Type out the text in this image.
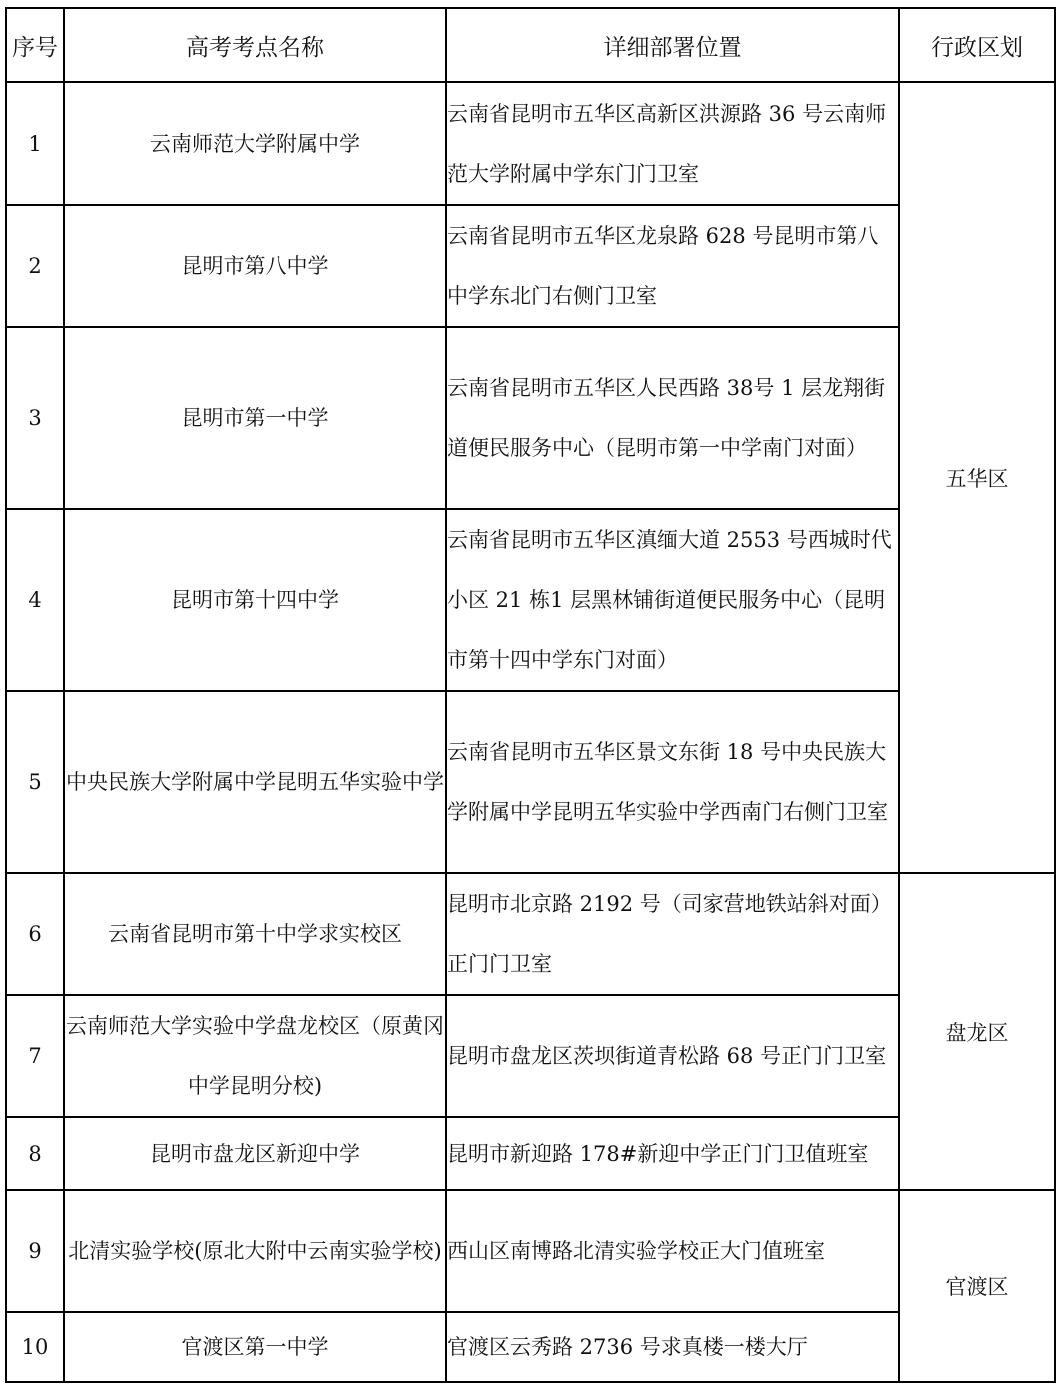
序号	高考考点名称	详细部署位置	行政区划
1	云南师范大学附属中学	云南省昆明市五华区高新区洪源路 36 号云南师范大学附属中学东门门卫室	五华区
2	昆明市第八中学	云南省昆明市五华区龙泉路 628 号昆明市第八中学东北门右侧门卫室	
3	昆明市第一中学	云南省昆明市五华区人民西路 38号 1 层龙翔街道便民服务中心（昆明市第一中学南门对面）	
4	昆明市第十四中学	云南省昆明市五华区滇缅大道 2553 号西城时代小区 21 栋1 层黑林铺街道便民服务中心（昆明市第十四中学东门对面）	
5	中央民族大学附属中学昆明五华实验中学	云南省昆明市五华区景文东街 18 号中央民族大学附属中学昆明五华实验中学西南门右侧门卫室	
6	云南省昆明市第十中学求实校区	昆明市北京路 2192 号（司家营地铁站斜对面）正门门卫室	盘龙区
7	云南师范大学实验中学盘龙校区（原黄冈中学昆明分校)	昆明市盘龙区茨坝街道青松路 68 号正门门卫室	
8	昆明市盘龙区新迎中学	昆明市新迎路 178#新迎中学正门门卫值班室	
9	北清实验学校(原北大附中云南实验学校)	西山区南博路北清实验学校正大门值班室	官渡区
10	官渡区第一中学	官渡区云秀路 2736 号求真楼一楼大厅	
